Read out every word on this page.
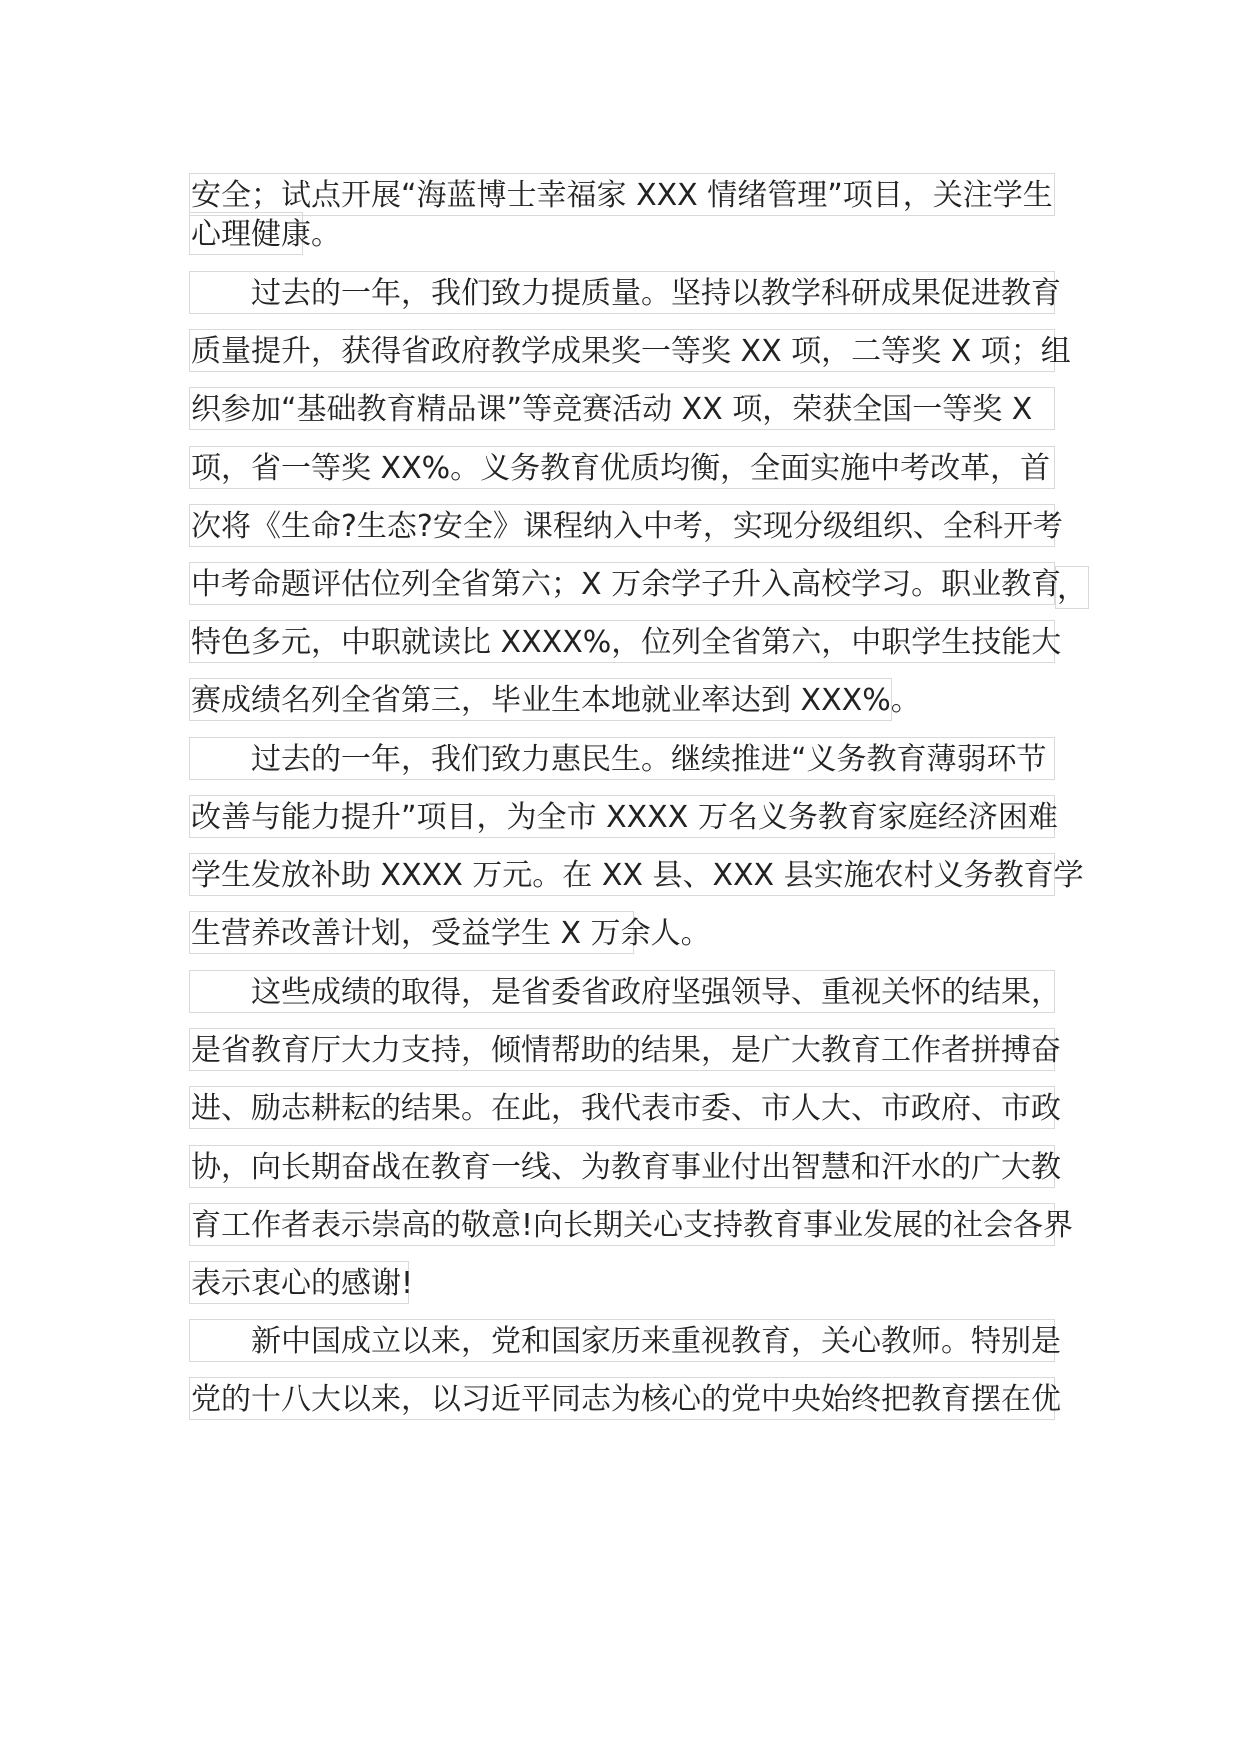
安全；试点开展“海蓝博士幸福家 XXX 情绪管理”项目，关注学生
心理健康。
过去的一年，我们致力提质量。坚持以教学科研成果促进教育
质量提升，获得省政府教学成果奖一等奖 XX 项，二等奖 X 项；组
织参加“基础教育精品课”等竞赛活动 XX 项，荣获全国一等奖 X
项，省一等奖 XX%。义务教育优质均衡，全面实施中考改革，首
次将《生命?生态?安全》课程纳入中考，实现分级组织、全科开考
，
中考命题评估位列全省第六；X 万余学子升入高校学习。职业教育
特色多元，中职就读比 XXXX%，位列全省第六，中职学生技能大
赛成绩名列全省第三，毕业生本地就业率达到 XXX%。
过去的一年，我们致力惠民生。继续推进“义务教育薄弱环节
改善与能力提升”项目，为全市 XXXX 万名义务教育家庭经济困难
学生发放补助 XXXX 万元。在 XX 县、XXX 县实施农村义务教育学
生营养改善计划，受益学生 X 万余人。
这些成绩的取得，是省委省政府坚强领导、重视关怀的结果，
是省教育厅大力支持，倾情帮助的结果，是广大教育工作者拼搏奋
进、励志耕耘的结果。在此，我代表市委、市人大、市政府、市政
协，向长期奋战在教育一线、为教育事业付出智慧和汗水的广大教
育工作者表示崇高的敬意!向长期关心支持教育事业发展的社会各界
表示衷心的感谢!
新中国成立以来，党和国家历来重视教育，关心教师。特别是
党的十八大以来，以习近平同志为核心的党中央始终把教育摆在优
